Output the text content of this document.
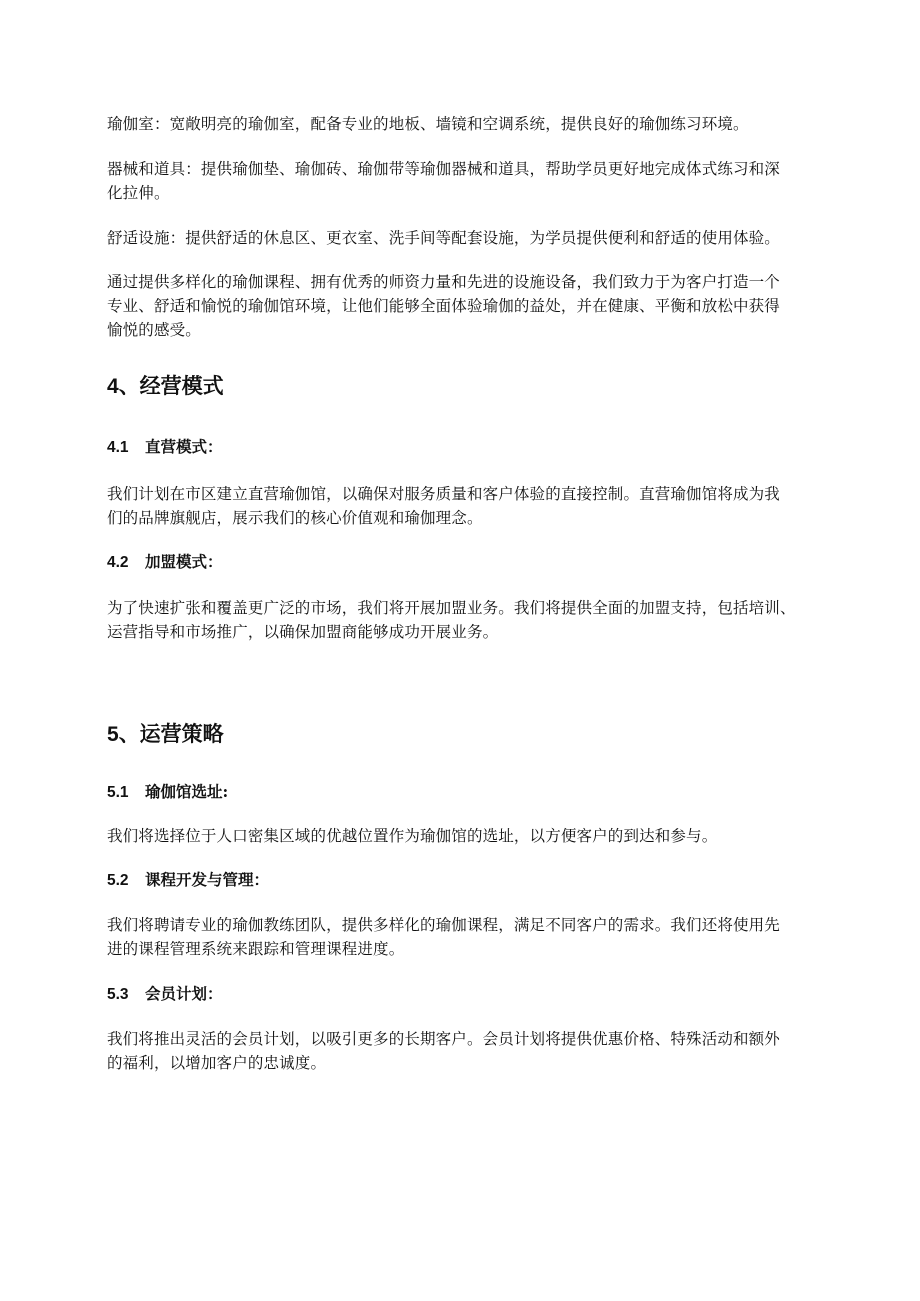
瑜伽室：宽敞明亮的瑜伽室，配备专业的地板、墙镜和空调系统，提供良好的瑜伽练习环境。

器械和道具：提供瑜伽垫、瑜伽砖、瑜伽带等瑜伽器械和道具，帮助学员更好地完成体式练习和深
化拉伸。

舒适设施：提供舒适的休息区、更衣室、洗手间等配套设施，为学员提供便利和舒适的使用体验。

通过提供多样化的瑜伽课程、拥有优秀的师资力量和先进的设施设备，我们致力于为客户打造一个
专业、舒适和愉悦的瑜伽馆环境，让他们能够全面体验瑜伽的益处，并在健康、平衡和放松中获得
愉悦的感受。

4、经营模式
4.1 直营模式：

我们计划在市区建立直营瑜伽馆，以确保对服务质量和客户体验的直接控制。直营瑜伽馆将成为我
们的品牌旗舰店，展示我们的核心价值观和瑜伽理念。

4.2 加盟模式：

为了快速扩张和覆盖更广泛的市场，我们将开展加盟业务。我们将提供全面的加盟支持，包括培训、
运营指导和市场推广，以确保加盟商能够成功开展业务。

5、运营策略
5.1 瑜伽馆选址:

我们将选择位于人口密集区域的优越位置作为瑜伽馆的选址，以方便客户的到达和参与。

5.2 课程开发与管理：

我们将聘请专业的瑜伽教练团队，提供多样化的瑜伽课程，满足不同客户的需求。我们还将使用先
进的课程管理系统来跟踪和管理课程进度。

5.3 会员计划：

我们将推出灵活的会员计划，以吸引更多的长期客户。会员计划将提供优惠价格、特殊活动和额外
的福利，以增加客户的忠诚度。
